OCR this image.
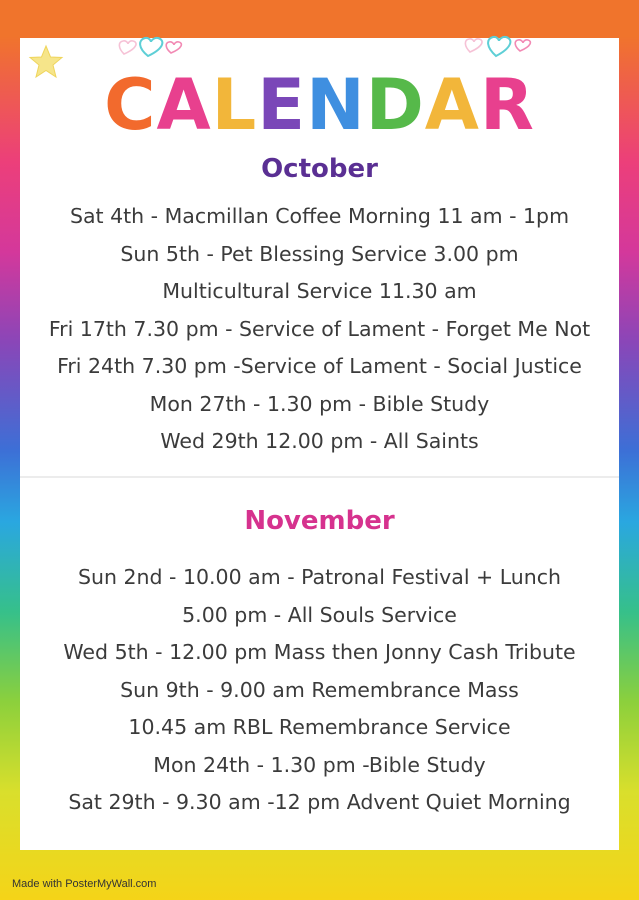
CALENDAR
October
Sat 4th - Macmillan Coffee Morning 11 am - 1pm
Sun 5th - Pet Blessing Service 3.00 pm
Multicultural Service 11.30 am
Fri 17th 7.30 pm - Service of Lament - Forget Me Not
Fri 24th 7.30 pm -Service of Lament - Social Justice
Mon 27th - 1.30 pm - Bible Study
Wed 29th 12.00 pm - All Saints
November
Sun 2nd - 10.00 am - Patronal Festival + Lunch
5.00 pm - All Souls Service
Wed 5th - 12.00 pm Mass then Jonny Cash Tribute
Sun 9th - 9.00 am Remembrance Mass
10.45 am RBL Remembrance Service
Mon 24th - 1.30 pm -Bible Study
Sat 29th - 9.30 am -12 pm Advent Quiet Morning
Made with PosterMyWall.com
